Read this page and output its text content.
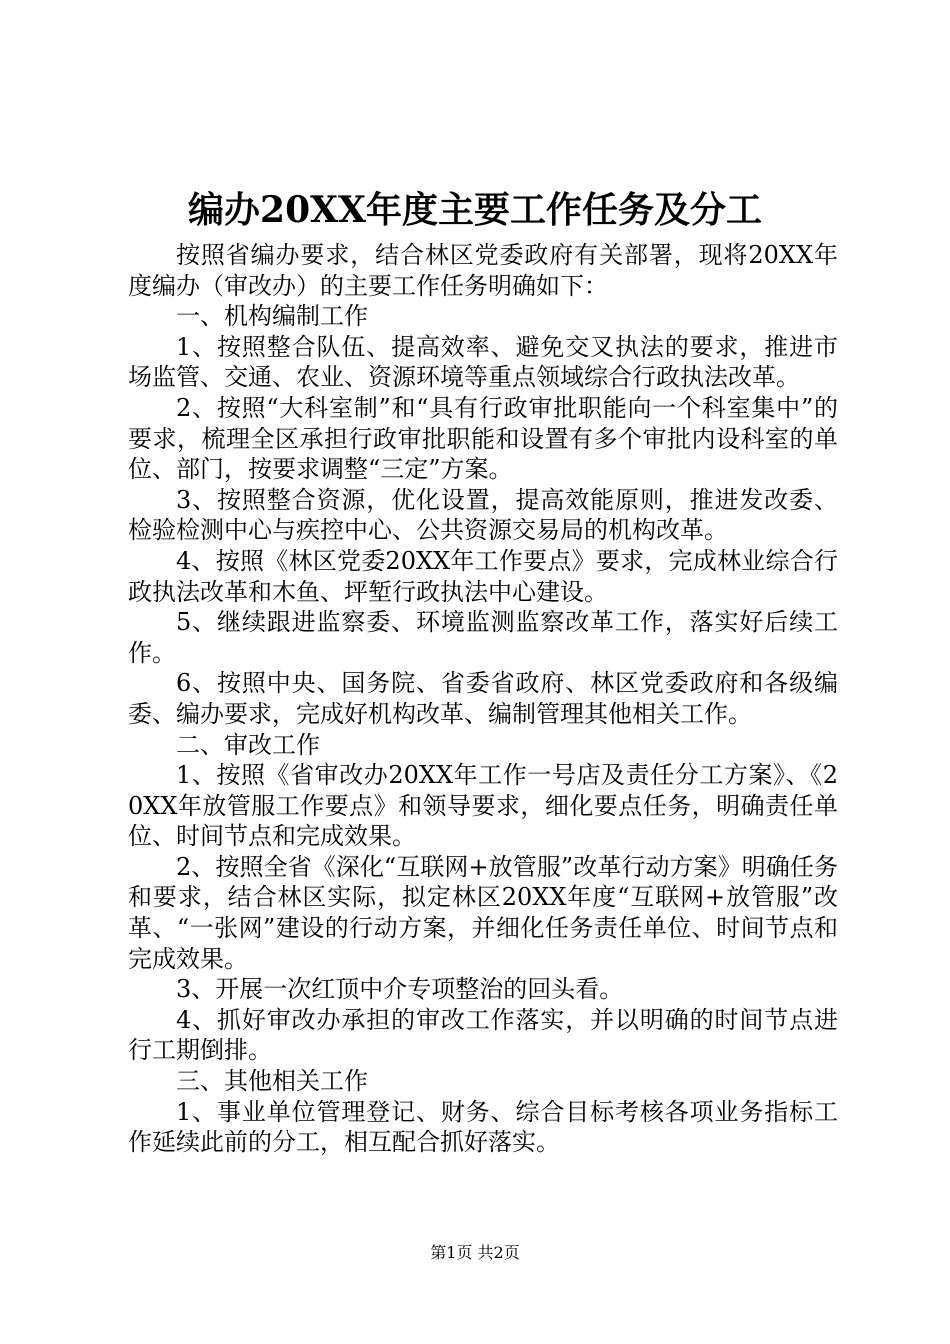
编办20XX年度主要工作任务及分工

按照省编办要求，结合林区党委政府有关部署，现将20XX年度编办（审改办）的主要工作任务明确如下：

一、机构编制工作

1、按照整合队伍、提高效率、避免交叉执法的要求，推进市场监管、交通、农业、资源环境等重点领域综合行政执法改革。

2、按照“大科室制”和“具有行政审批职能向一个科室集中”的要求，梳理全区承担行政审批职能和设置有多个审批内设科室的单位、部门，按要求调整“三定”方案。

3、按照整合资源，优化设置，提高效能原则，推进发改委、检验检测中心与疾控中心、公共资源交易局的机构改革。

4、按照《林区党委20XX年工作要点》要求，完成林业综合行政执法改革和木鱼、坪堑行政执法中心建设。

5、继续跟进监察委、环境监测监察改革工作，落实好后续工作。

6、按照中央、国务院、省委省政府、林区党委政府和各级编委、编办要求，完成好机构改革、编制管理其他相关工作。

二、审改工作

1、按照《省审改办20XX年工作一号店及责任分工方案》、《20XX年放管服工作要点》和领导要求，细化要点任务，明确责任单位、时间节点和完成效果。

2、按照全省《深化“互联网+放管服”改革行动方案》明确任务和要求，结合林区实际，拟定林区20XX年度“互联网+放管服”改革、“一张网”建设的行动方案，并细化任务责任单位、时间节点和完成效果。

3、开展一次红顶中介专项整治的回头看。

4、抓好审改办承担的审改工作落实，并以明确的时间节点进行工期倒排。

三、其他相关工作

1、事业单位管理登记、财务、综合目标考核各项业务指标工作延续此前的分工，相互配合抓好落实。

第1页 共2页
